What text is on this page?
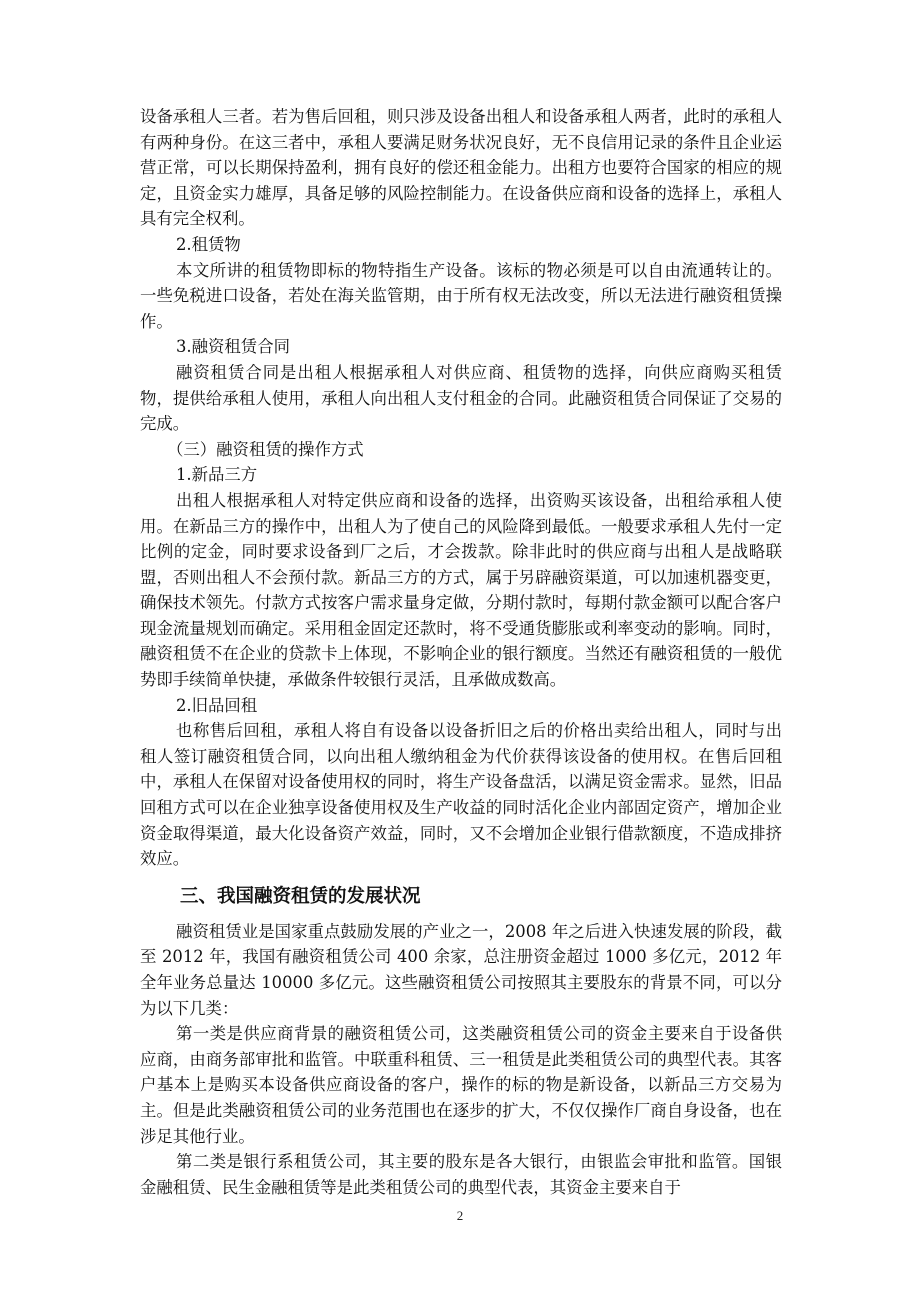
设备承租人三者。若为售后回租，则只涉及设备出租人和设备承租人两者，此时的承租人有两种身份。在这三者中，承租人要满足财务状况良好，无不良信用记录的条件且企业运营正常，可以长期保持盈利，拥有良好的偿还租金能力。出租方也要符合国家的相应的规定，且资金实力雄厚，具备足够的风险控制能力。在设备供应商和设备的选择上，承租人具有完全权利。

2.租赁物

本文所讲的租赁物即标的物特指生产设备。该标的物必须是可以自由流通转让的。一些免税进口设备，若处在海关监管期，由于所有权无法改变，所以无法进行融资租赁操作。

3.融资租赁合同

融资租赁合同是出租人根据承租人对供应商、租赁物的选择，向供应商购买租赁物，提供给承租人使用，承租人向出租人支付租金的合同。此融资租赁合同保证了交易的完成。

（三）融资租赁的操作方式

1.新品三方

出租人根据承租人对特定供应商和设备的选择，出资购买该设备，出租给承租人使用。在新品三方的操作中，出租人为了使自己的风险降到最低。一般要求承租人先付一定比例的定金，同时要求设备到厂之后，才会拨款。除非此时的供应商与出租人是战略联盟，否则出租人不会预付款。新品三方的方式，属于另辟融资渠道，可以加速机器变更，确保技术领先。付款方式按客户需求量身定做，分期付款时，每期付款金额可以配合客户现金流量规划而确定。采用租金固定还款时，将不受通货膨胀或利率变动的影响。同时，融资租赁不在企业的贷款卡上体现，不影响企业的银行额度。当然还有融资租赁的一般优势即手续简单快捷，承做条件较银行灵活，且承做成数高。

2.旧品回租

也称售后回租，承租人将自有设备以设备折旧之后的价格出卖给出租人，同时与出租人签订融资租赁合同，以向出租人缴纳租金为代价获得该设备的使用权。在售后回租中，承租人在保留对设备使用权的同时，将生产设备盘活，以满足资金需求。显然，旧品回租方式可以在企业独享设备使用权及生产收益的同时活化企业内部固定资产，增加企业资金取得渠道，最大化设备资产效益，同时，又不会增加企业银行借款额度，不造成排挤效应。

三、我国融资租赁的发展状况

融资租赁业是国家重点鼓励发展的产业之一，2008 年之后进入快速发展的阶段，截至 2012 年，我国有融资租赁公司 400 余家，总注册资金超过 1000 多亿元，2012 年全年业务总量达 10000 多亿元。这些融资租赁公司按照其主要股东的背景不同，可以分为以下几类：

第一类是供应商背景的融资租赁公司，这类融资租赁公司的资金主要来自于设备供应商，由商务部审批和监管。中联重科租赁、三一租赁是此类租赁公司的典型代表。其客户基本上是购买本设备供应商设备的客户，操作的标的物是新设备，以新品三方交易为主。但是此类融资租赁公司的业务范围也在逐步的扩大，不仅仅操作厂商自身设备，也在涉足其他行业。

第二类是银行系租赁公司，其主要的股东是各大银行，由银监会审批和监管。国银金融租赁、民生金融租赁等是此类租赁公司的典型代表，其资金主要来自于

2
